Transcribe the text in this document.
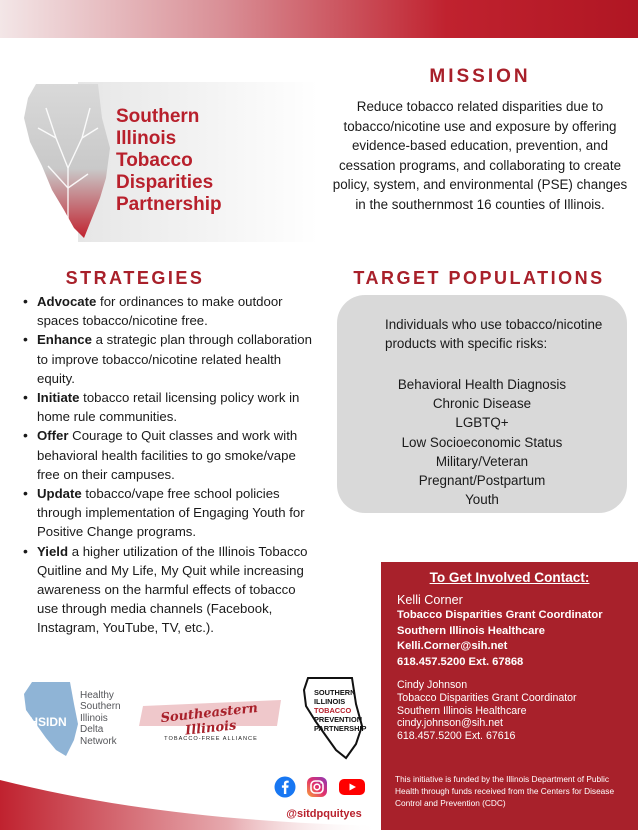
Southern
Illinois
Tobacco
Disparities
Partnership
MISSION
Reduce tobacco related disparities due to tobacco/nicotine use and exposure by offering evidence-based education, prevention, and cessation programs, and collaborating to create policy, system, and environmental (PSE) changes in the southernmost 16 counties of Illinois.
STRATEGIES
• Advocate for ordinances to make outdoor spaces tobacco/nicotine free.
• Enhance a strategic plan through collaboration to improve tobacco/nicotine related health equity.
• Initiate tobacco retail licensing policy work in home rule communities.
• Offer Courage to Quit classes and work with behavioral health facilities to go smoke/vape free on their campuses.
• Update tobacco/vape free school policies through implementation of Engaging Youth for Positive Change programs.
• Yield a higher utilization of the Illinois Tobacco Quitline and My Life, My Quit while increasing awareness on the harmful effects of tobacco use through media channels (Facebook, Instagram, YouTube, TV, etc.).
TARGET POPULATIONS
Individuals who use tobacco/nicotine products with specific risks:
Behavioral Health Diagnosis
Chronic Disease
LGBTQ+
Low Socioeconomic Status
Military/Veteran
Pregnant/Postpartum
Youth
To Get Involved Contact:
Kelli Corner
Tobacco Disparities Grant Coordinator
Southern Illinois Healthcare
Kelli.Corner@sih.net
618.457.5200 Ext. 67868
Cindy Johnson
Tobacco Disparities Grant Coordinator
Southern Illinois Healthcare
cindy.johnson@sih.net
618.457.5200 Ext. 67616
This initiative is funded by the Illinois Department of Public Health through funds received from the Centers for Disease Control and Prevention (CDC)
HSIDN
Healthy
Southern
Illinois
Delta
Network
Southeastern Illinois
TOBACCO-FREE ALLIANCE
SOUTHERN
ILLINOIS
TOBACCO
PREVENTION
PARTNERSHIP
@sitdpquityes
